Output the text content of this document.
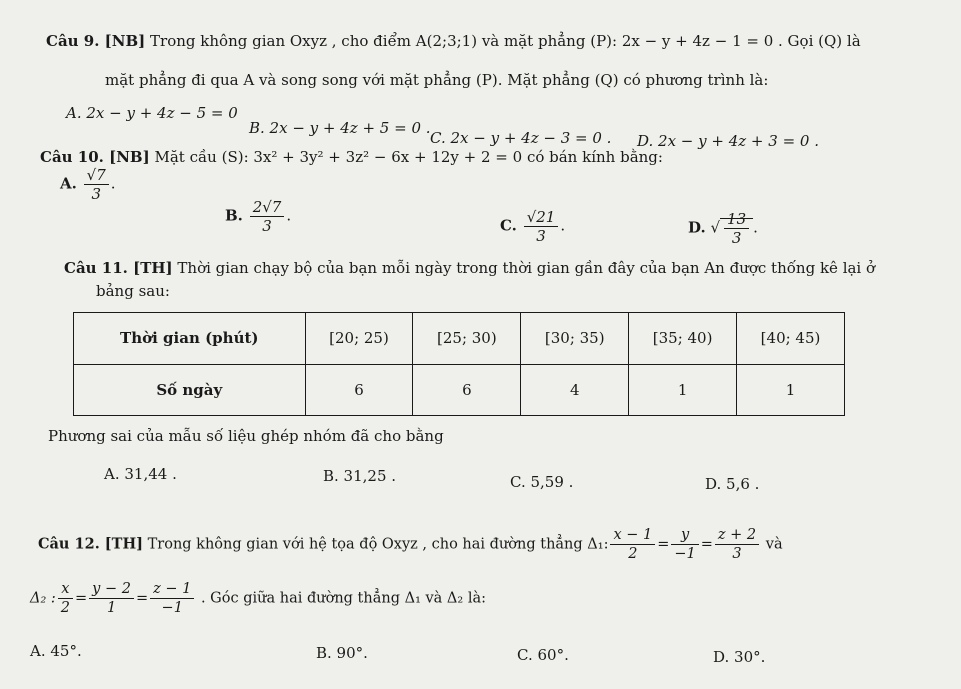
Câu 9. [NB] Trong không gian Oxyz , cho điểm A(2;3;1) và mặt phẳng (P): 2x − y + 4z − 1 = 0 . Gọi (Q) là
mặt phẳng đi qua A và song song với mặt phẳng (P). Mặt phẳng (Q) có phương trình là:
A. 2x − y + 4z − 5 = 0
B. 2x − y + 4z + 5 = 0 .
C. 2x − y + 4z − 3 = 0 . D. 2x − y + 4z + 3 = 0 .
Câu 10. [NB] Mặt cầu (S): 3x² + 3y² + 3z² − 6x + 12y + 2 = 0 có bán kính bằng:
A. $\frac{√7}{3}$ .
B. $\frac{2√7}{3}$ .
C. $\frac{√21}{3}$ .	D. √ $\frac{13}{3}$ .
Câu 11. [TH] Thời gian chạy bộ của bạn mỗi ngày trong thời gian gần đây của bạn An được thống kê lại ở
bảng sau:
Thời gian (phút)	[20; 25)	[25; 30)	[30; 35)	[35; 40)	[40; 45)
Số ngày	6	6	4	1	1
Phương sai của mẫu số liệu ghép nhóm đã cho bằng
A. 31,44 .	B. 31,25 .	C. 5,59 .	D. 5,6 .
Câu 12. [TH] Trong không gian với hệ tọa độ Oxyz , cho hai đường thẳng Δ₁: $\frac{x - 1}{2} = \frac{y}{-1} = \frac{z + 2}{3}$ và
Δ₂ : $\frac{x}{2} = \frac{y - 2}{1} = \frac{z - 1}{-1}$ . Góc giữa hai đường thẳng Δ₁ và Δ₂ là:
A. 45°.	B. 90°.	C. 60°.	D. 30°.
